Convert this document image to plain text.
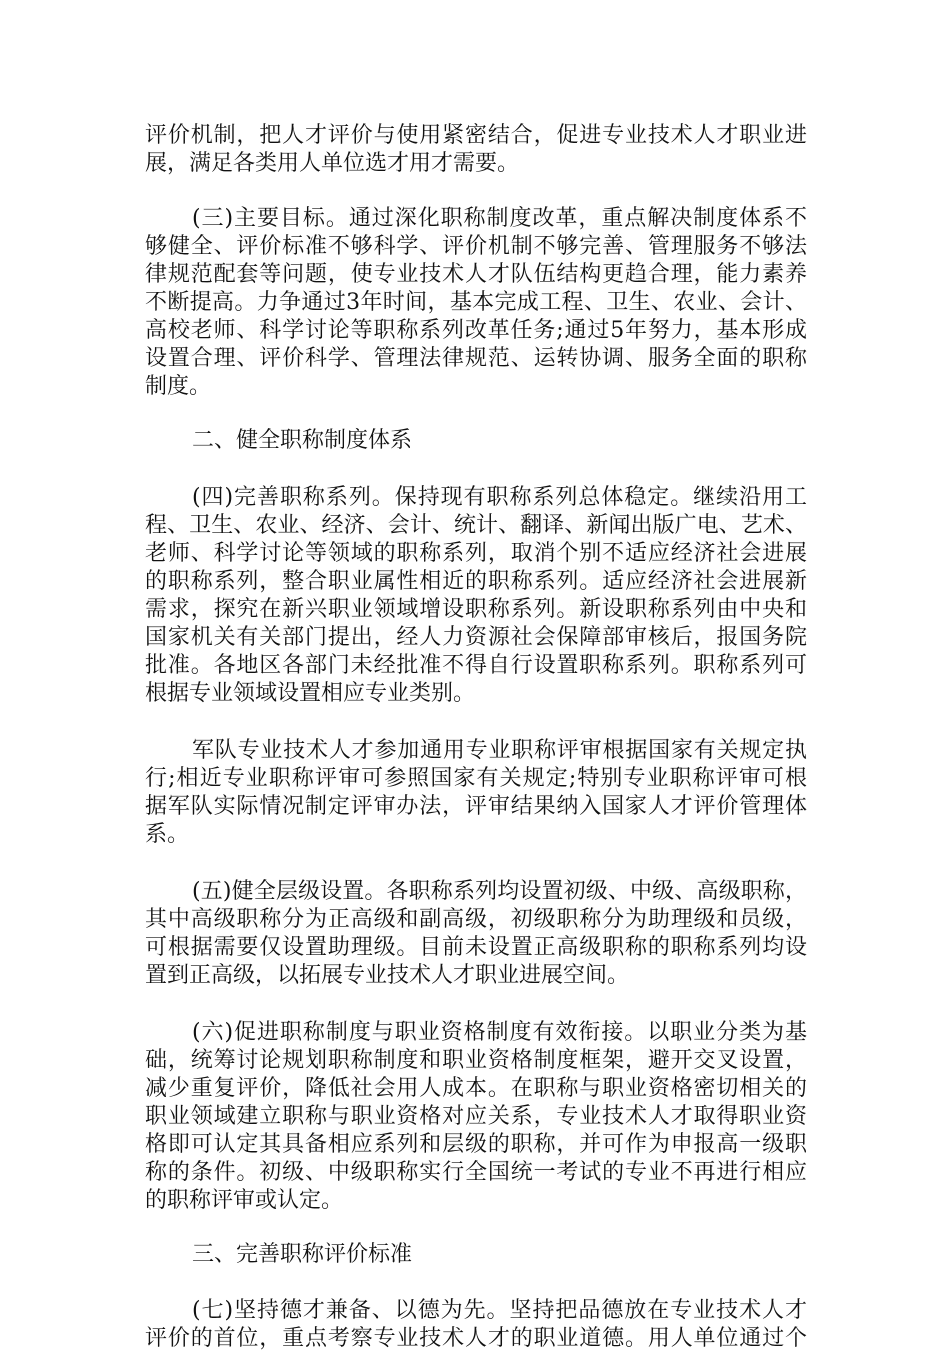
评价机制，把人才评价与使用紧密结合，促进专业技术人才职业进
展，满足各类用人单位选才用才需要。
(三)主要目标。通过深化职称制度改革，重点解决制度体系不
够健全、评价标准不够科学、评价机制不够完善、管理服务不够法
律规范配套等问题，使专业技术人才队伍结构更趋合理，能力素养
不断提高。力争通过3年时间，基本完成工程、卫生、农业、会计、
高校老师、科学讨论等职称系列改革任务;通过5年努力，基本形成
设置合理、评价科学、管理法律规范、运转协调、服务全面的职称
制度。
二、健全职称制度体系
(四)完善职称系列。保持现有职称系列总体稳定。继续沿用工
程、卫生、农业、经济、会计、统计、翻译、新闻出版广电、艺术、
老师、科学讨论等领域的职称系列，取消个别不适应经济社会进展
的职称系列，整合职业属性相近的职称系列。适应经济社会进展新
需求，探究在新兴职业领域增设职称系列。新设职称系列由中央和
国家机关有关部门提出，经人力资源社会保障部审核后，报国务院
批准。各地区各部门未经批准不得自行设置职称系列。职称系列可
根据专业领域设置相应专业类别。
军队专业技术人才参加通用专业职称评审根据国家有关规定执
行;相近专业职称评审可参照国家有关规定;特别专业职称评审可根
据军队实际情况制定评审办法，评审结果纳入国家人才评价管理体
系。
(五)健全层级设置。各职称系列均设置初级、中级、高级职称，
其中高级职称分为正高级和副高级，初级职称分为助理级和员级，
可根据需要仅设置助理级。目前未设置正高级职称的职称系列均设
置到正高级，以拓展专业技术人才职业进展空间。
(六)促进职称制度与职业资格制度有效衔接。以职业分类为基
础，统筹讨论规划职称制度和职业资格制度框架，避开交叉设置，
减少重复评价，降低社会用人成本。在职称与职业资格密切相关的
职业领域建立职称与职业资格对应关系，专业技术人才取得职业资
格即可认定其具备相应系列和层级的职称，并可作为申报高一级职
称的条件。初级、中级职称实行全国统一考试的专业不再进行相应
的职称评审或认定。
三、完善职称评价标准
(七)坚持德才兼备、以德为先。坚持把品德放在专业技术人才
评价的首位，重点考察专业技术人才的职业道德。用人单位通过个
